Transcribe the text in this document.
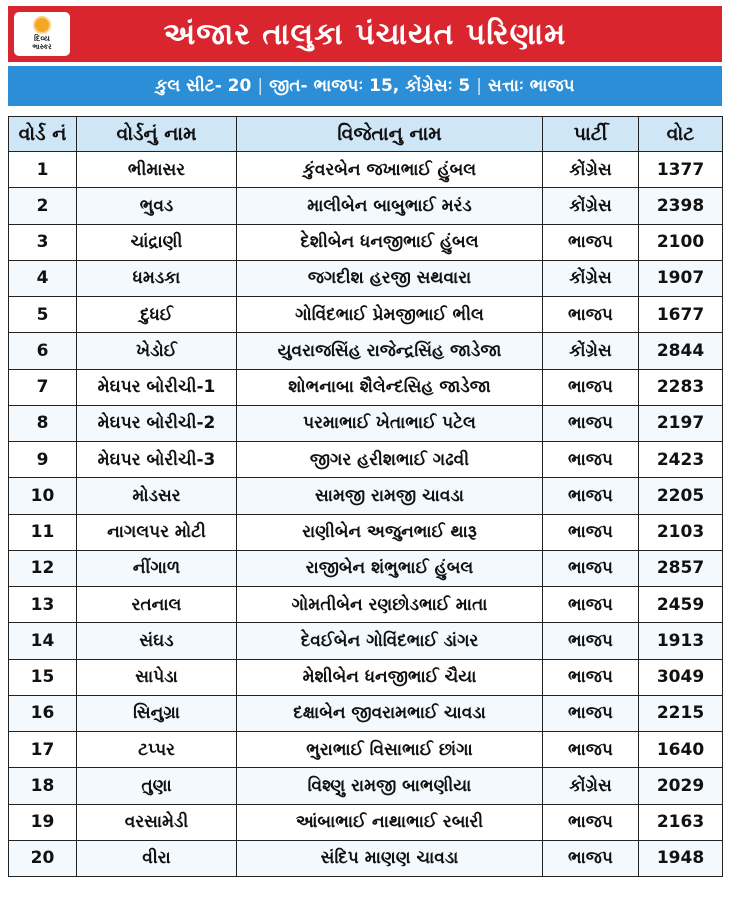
દિવ્ય
ભાસ્કર	અંજાર તાલુકા પંચાયત પરિણામ
કુલ સીટ- 20 | જીત- ભાજપઃ 15, કોંગ્રેસઃ 5 | સત્તાઃ ભાજપ
વોર્ડ નં	વોર્ડનું નામ	વિજેતાનુ નામ	પાર્ટી	વોટ
1	ભીમાસર	કુંવરબેન જખાભાઈ હુંબલ	કોંગ્રેસ	1377
2	ભુવડ	માલીબેન બાબુભાઈ મરંડ	કોંગ્રેસ	2398
3	ચાંદ્રાણી	દેશીબેન ધનજીભાઈ હુંબલ	ભાજપ	2100
4	ધમડકા	જગદીશ હરજી સથવારા	કોંગ્રેસ	1907
5	દુધઈ	ગોવિંદભાઈ પ્રેમજીભાઈ ભીલ	ભાજપ	1677
6	ખેડોઈ	યુવરાજસિંહ રાજેન્દ્રસિંહ જાડેજા	કોંગ્રેસ	2844
7	મેઘપર બોરીચી-1	શોભનાબા શૈલેન્દસિહ જાડેજા	ભાજપ	2283
8	મેઘપર બોરીચી-2	પરમાભાઈ ખેતાભાઈ પટેલ	ભાજપ	2197
9	મેઘપર બોરીચી-3	જીગર હરીશભાઈ ગઢવી	ભાજપ	2423
10	મોડસર	સામજી રામજી ચાવડા	ભાજપ	2205
11	નાગલપર મોટી	રાણીબેન અજુનભાઈ થારૂ	ભાજપ	2103
12	નીંગાળ	રાજીબેન શંભુભાઈ હુંબલ	ભાજપ	2857
13	રતનાલ	ગોમતીબેન રણછોડભાઈ માતા	ભાજપ	2459
14	સંઘડ	દેવઈબેન ગોવિંદભાઈ ડાંગર	ભાજપ	1913
15	સાપેડા	મેશીબેન ધનજીભાઈ ચૈયા	ભાજપ	3049
16	સિનુગ્રા	દક્ષાબેન જીવરામભાઈ ચાવડા	ભાજપ	2215
17	ટપ્પર	ભુરાભાઈ વિસાભાઈ છાંગા	ભાજપ	1640
18	તુણા	વિશ્ણુ રામજી બાભણીયા	કોંગ્રેસ	2029
19	વરસામેડી	આંબાભાઈ નાથાભાઈ રબારી	ભાજપ	2163
20	વીરા	સંદિપ માણણ ચાવડા	ભાજપ	1948
